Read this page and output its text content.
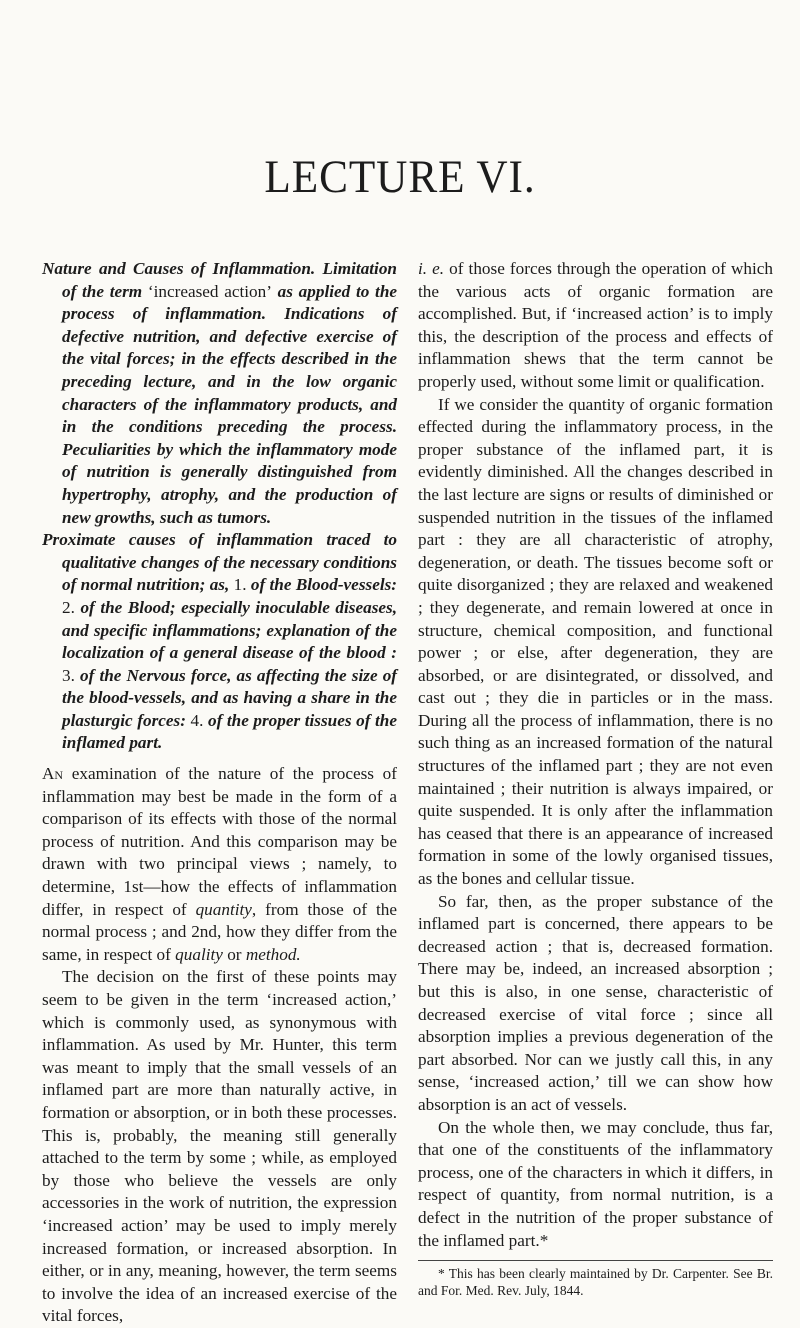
LECTURE VI.

Nature and Causes of Inflammation. Limitation of the term ‘increased action’ as applied to the process of inflammation. Indications of defective nutrition, and defective exercise of the vital forces; in the effects described in the preceding lecture, and in the low organic characters of the inflammatory products, and in the conditions preceding the process. Peculiarities by which the inflammatory mode of nutrition is generally distinguished from hypertrophy, atrophy, and the production of new growths, such as tumors.

Proximate causes of inflammation traced to qualitative changes of the necessary conditions of normal nutrition; as, 1. of the Blood-vessels: 2. of the Blood; especially inoculable diseases, and specific inflammations; explanation of the localization of a general disease of the blood : 3. of the Nervous force, as affecting the size of the blood-vessels, and as having a share in the plasturgic forces: 4. of the proper tissues of the inflamed part.

An examination of the nature of the process of inflammation may best be made in the form of a comparison of its effects with those of the normal process of nutrition. And this comparison may be drawn with two principal views ; namely, to determine, 1st—how the effects of inflammation differ, in respect of quantity, from those of the normal process ; and 2nd, how they differ from the same, in respect of quality or method.

The decision on the first of these points may seem to be given in the term ‘increased action,’ which is commonly used, as synonymous with inflammation. As used by Mr. Hunter, this term was meant to imply that the small vessels of an inflamed part are more than naturally active, in formation or absorption, or in both these processes. This is, probably, the meaning still generally attached to the term by some ; while, as employed by those who believe the vessels are only accessories in the work of nutrition, the expression ‘increased action’ may be used to imply merely increased formation, or increased absorption. In either, or in any, meaning, however, the term seems to involve the idea of an increased exercise of the vital forces,

i. e. of those forces through the operation of which the various acts of organic formation are accomplished. But, if ‘increased action’ is to imply this, the description of the process and effects of inflammation shews that the term cannot be properly used, without some limit or qualification.

If we consider the quantity of organic formation effected during the inflammatory process, in the proper substance of the inflamed part, it is evidently diminished. All the changes described in the last lecture are signs or results of diminished or suspended nutrition in the tissues of the inflamed part : they are all characteristic of atrophy, degeneration, or death. The tissues become soft or quite disorganized ; they are relaxed and weakened ; they degenerate, and remain lowered at once in structure, chemical composition, and functional power ; or else, after degeneration, they are absorbed, or are disintegrated, or dissolved, and cast out ; they die in particles or in the mass. During all the process of inflammation, there is no such thing as an increased formation of the natural structures of the inflamed part ; they are not even maintained ; their nutrition is always impaired, or quite suspended. It is only after the inflammation has ceased that there is an appearance of increased formation in some of the lowly organised tissues, as the bones and cellular tissue.

So far, then, as the proper substance of the inflamed part is concerned, there appears to be decreased action ; that is, decreased formation. There may be, indeed, an increased absorption ; but this is also, in one sense, characteristic of decreased exercise of vital force ; since all absorption implies a previous degeneration of the part absorbed. Nor can we justly call this, in any sense, ‘increased action,’ till we can show how absorption is an act of vessels.

On the whole then, we may conclude, thus far, that one of the constituents of the inflammatory process, one of the characters in which it differs, in respect of quantity, from normal nutrition, is a defect in the nutrition of the proper substance of the inflamed part.*

* This has been clearly maintained by Dr. Carpenter. See Br. and For. Med. Rev. July, 1844.
